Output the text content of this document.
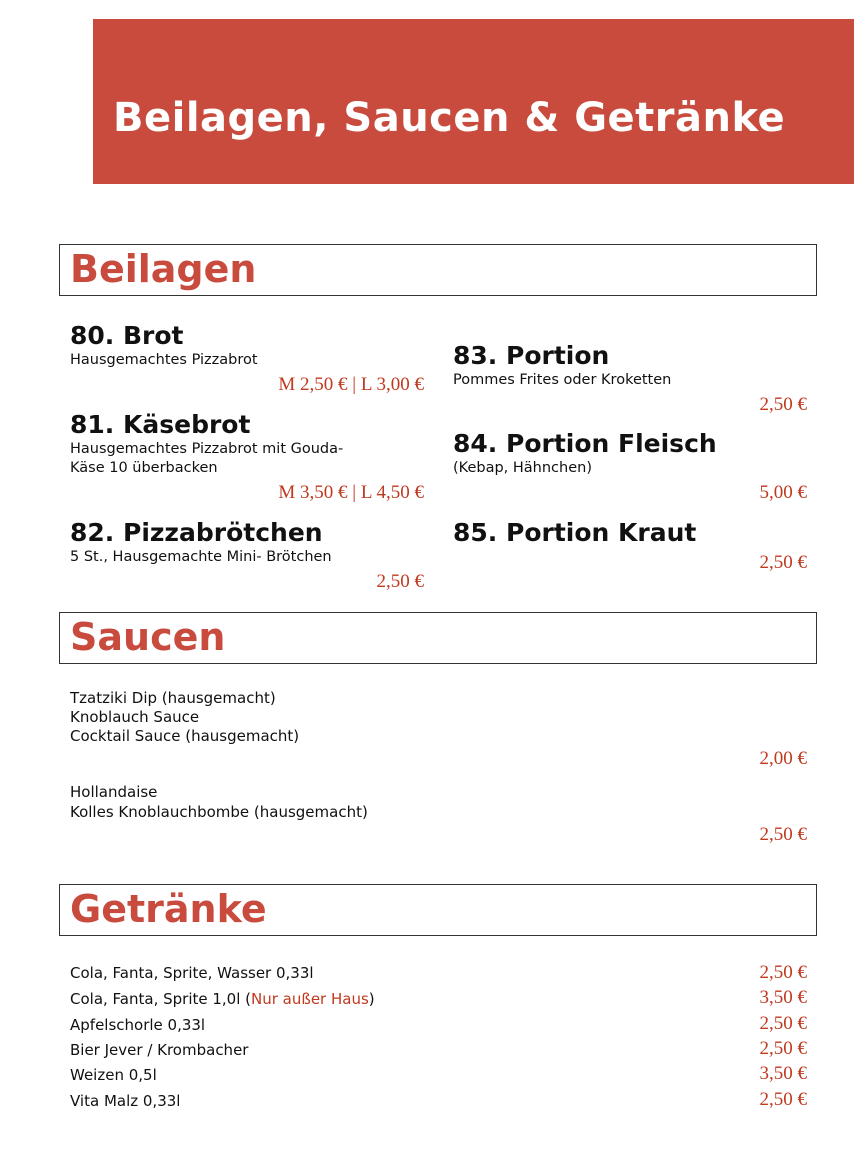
Beilagen, Saucen & Getränke
Beilagen
80. Brot
Hausgemachtes Pizzabrot
M 2,50 € | L 3,00 €
81. Käsebrot
Hausgemachtes Pizzabrot mit Gouda-
Käse 10 überbacken
M 3,50 € | L 4,50 €
82. Pizzabrötchen
5 St., Hausgemachte Mini- Brötchen
2,50 €
83. Portion
Pommes Frites oder Kroketten
2,50 €
84. Portion Fleisch
(Kebap, Hähnchen)
5,00 €
85. Portion Kraut
2,50 €
Saucen
Tzatziki Dip (hausgemacht)
Knoblauch Sauce
Cocktail Sauce (hausgemacht)
2,00 €
Hollandaise
Kolles Knoblauchbombe (hausgemacht)
2,50 €
Getränke
Cola, Fanta, Sprite, Wasser 0,33l	2,50 €
Cola, Fanta, Sprite 1,0l (Nur außer Haus)	3,50 €
Apfelschorle 0,33l	2,50 €
Bier Jever / Krombacher	2,50 €
Weizen 0,5l	3,50 €
Vita Malz 0,33l	2,50 €
